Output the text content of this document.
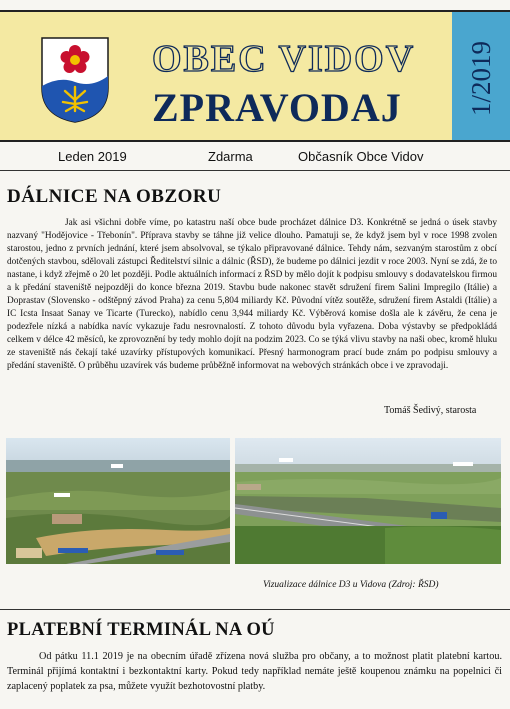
1/2019
OBEC VIDOV
ZPRAVODAJ
Leden 2019	Zdarma	Občasník Obce Vidov
DÁLNICE NA OBZORU
Jak asi všichni dobře víme, po katastru naší obce bude procházet dálnice D3. Konkrétně se jedná o úsek stavby nazvaný "Hodějovice - Třebonín". Příprava stavby se táhne již velice dlouho. Pamatuji se, že když jsem byl v roce 1998 zvolen starostou, jedno z prvních jednání, které jsem absolvoval, se týkalo připravované dálnice. Tehdy nám, sezvaným starostům z obcí dotčených stavbou, sdělovali zástupci Ředitelství silnic a dálnic (ŘSD), že budeme po dálnici jezdit v roce 2003. Nyní se zdá, že to nastane, i když zřejmě o 20 let později. Podle aktuálních informací z ŘSD by mělo dojít k podpisu smlouvy s dodavatelskou firmou a k předání staveniště nejpozději do konce března 2019. Stavbu bude nakonec stavět sdružení firem Salini Impregilo (Itálie) a Doprastav (Slovensko - odštěpný závod Praha) za cenu 5,804 miliardy Kč. Původní vítěz soutěže, sdružení firem Astaldi (Itálie) a IC Icsta Insaat Sanay ve Ticarte (Turecko), nabídlo cenu 3,944 miliardy Kč. Výběrová komise došla ale k závěru, že cena je podezřele nízká a nabídka navíc vykazuje řadu nesrovnalostí. Z tohoto důvodu byla vyřazena. Doba výstavby se předpokládá celkem v délce 42 měsíců, ke zprovoznění by tedy mohlo dojít na podzim 2023. Co se týká vlivu stavby na naši obec, kromě hluku ze staveniště nás čekají také uzavírky přístupových komunikací. Přesný harmonogram prací bude znám po podpisu smlouvy a předání staveniště. O průběhu uzavírek vás budeme průběžně informovat na webových stránkách obce i ve zpravodaji.
Tomáš Šedivý, starosta
Vizualizace dálnice D3 u Vidova (Zdroj: ŘSD)
PLATEBNÍ TERMINÁL NA OÚ
Od pátku 11.1 2019 je na obecním úřadě zřízena nová služba pro občany, a to možnost platit platební kartou. Terminál přijímá kontaktní i bezkontaktní karty. Pokud tedy například nemáte ještě koupenou známku na popelnici či zaplacený poplatek za psa, můžete využít bezhotovostní platby.
